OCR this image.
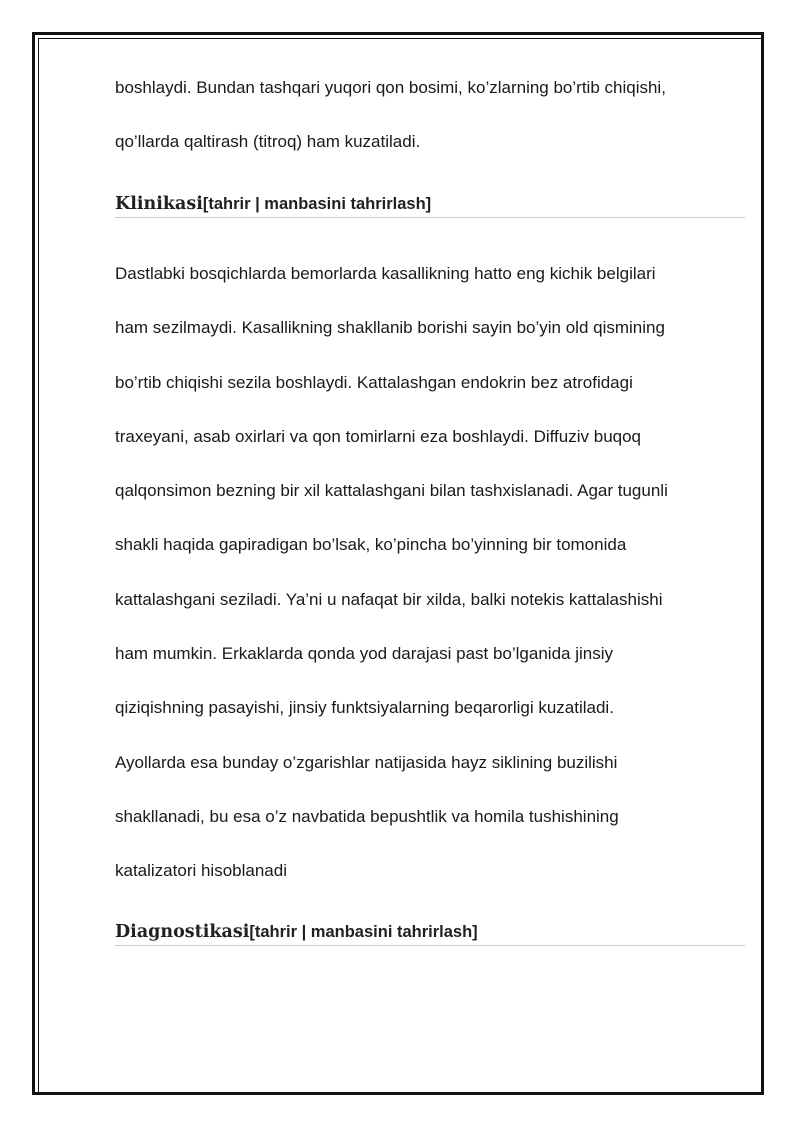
boshlaydi. Bundan tashqari yuqori qon bosimi, ko’zlarning bo’rtib chiqishi,
qo’llarda qaltirash (titroq) ham kuzatiladi.

Klinikasi[tahrir | manbasini tahrirlash]

Dastlabki bosqichlarda bemorlarda kasallikning hatto eng kichik belgilari
ham sezilmaydi. Kasallikning shakllanib borishi sayin bo’yin old qismining
bo’rtib chiqishi sezila boshlaydi. Kattalashgan endokrin bez atrofidagi
traxeyani, asab oxirlari va qon tomirlarni eza boshlaydi. Diffuziv buqoq
qalqonsimon bezning bir xil kattalashgani bilan tashxislanadi. Agar tugunli
shakli haqida gapiradigan bo’lsak, ko’pincha bo’yinning bir tomonida
kattalashgani seziladi. Ya’ni u nafaqat bir xilda, balki notekis kattalashishi
ham mumkin. Erkaklarda qonda yod darajasi past bo’lganida jinsiy
qiziqishning pasayishi, jinsiy funktsiyalarning beqarorligi kuzatiladi.
Ayollarda esa bunday o’zgarishlar natijasida hayz siklining buzilishi
shakllanadi, bu esa o’z navbatida bepushtlik va homila tushishining
katalizatori hisoblanadi

Diagnostikasi[tahrir | manbasini tahrirlash]
